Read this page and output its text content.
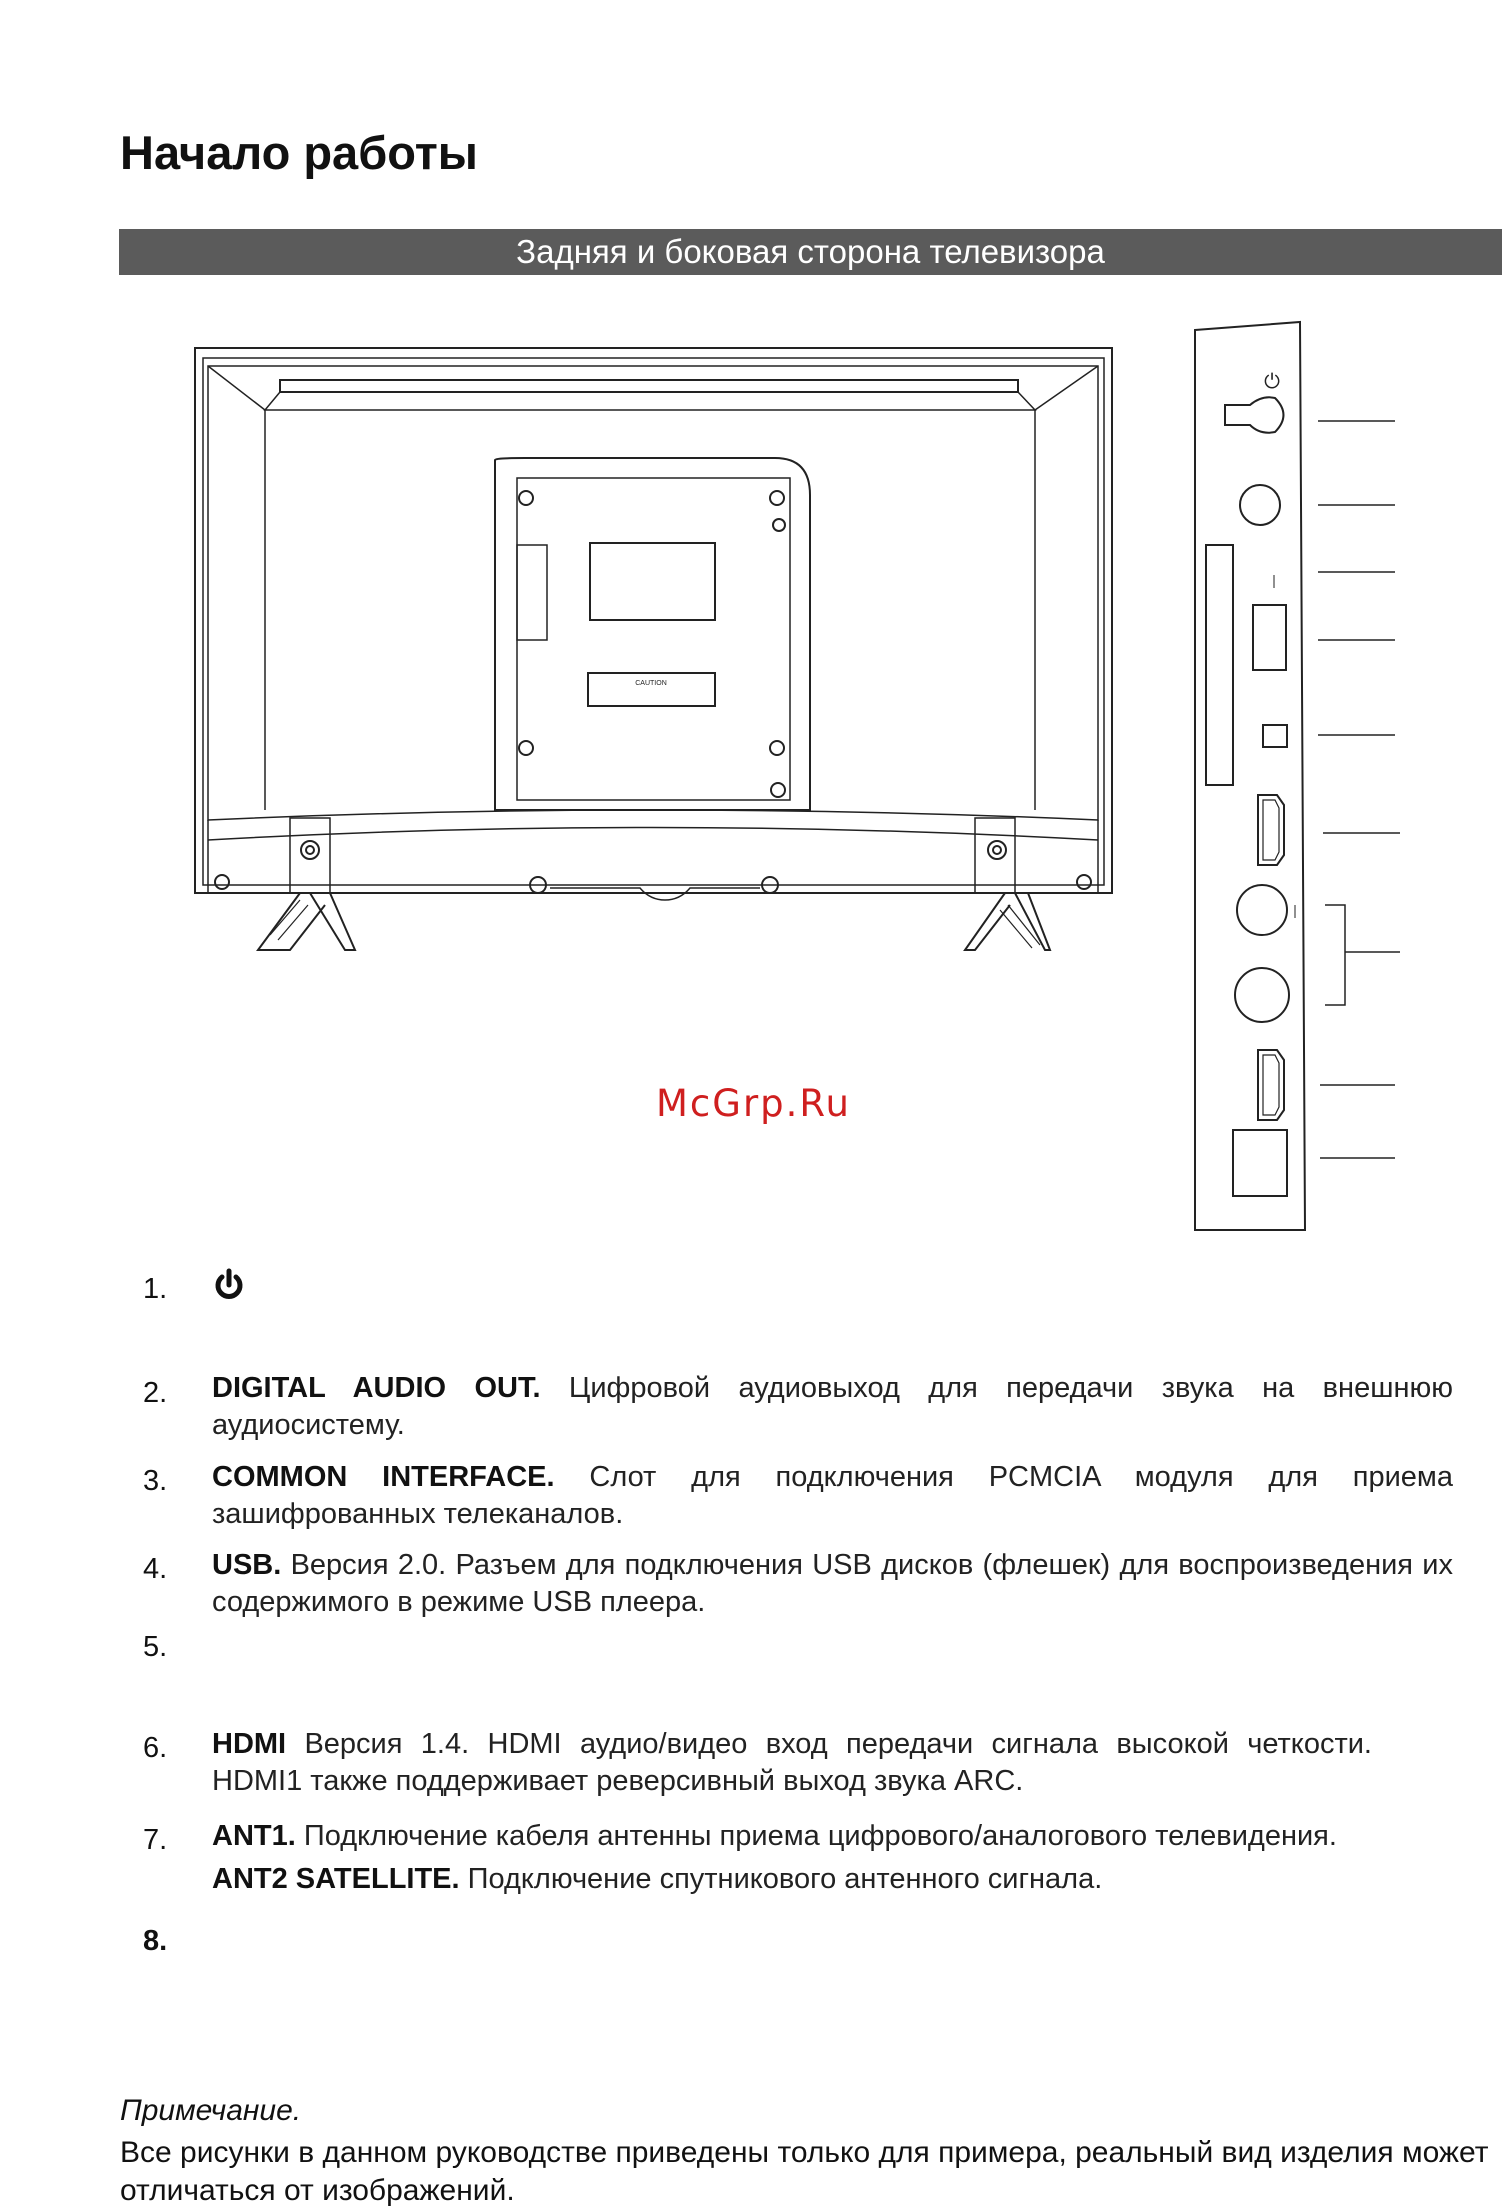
Начало работы
Задняя и боковая сторона телевизора
CAUTION
⏻
McGrp.Ru
1.
2. DIGITAL AUDIO OUT. Цифровой аудиовыход для передачи звука на внешнюю аудиосистему.
3. COMMON INTERFACE. Слот для подключения PCMCIA модуля для приема зашифрованных телеканалов.
4. USB. Версия 2.0. Разъем для подключения USB дисков (флешек) для воспроизведения их содержимого в режиме USB плеера.
5.
6. HDMI Версия 1.4. HDMI аудио/видео вход передачи сигнала высокой четкости. HDMI1 также поддерживает реверсивный выход звука ARC.
7. ANT1. Подключение кабеля антенны приема цифрового/аналогового телевидения.
ANT2 SATELLITE. Подключение спутникового антенного сигнала.
8.
Примечание.
Все рисунки в данном руководстве приведены только для примера, реальный вид изделия может отличаться от изображений.
